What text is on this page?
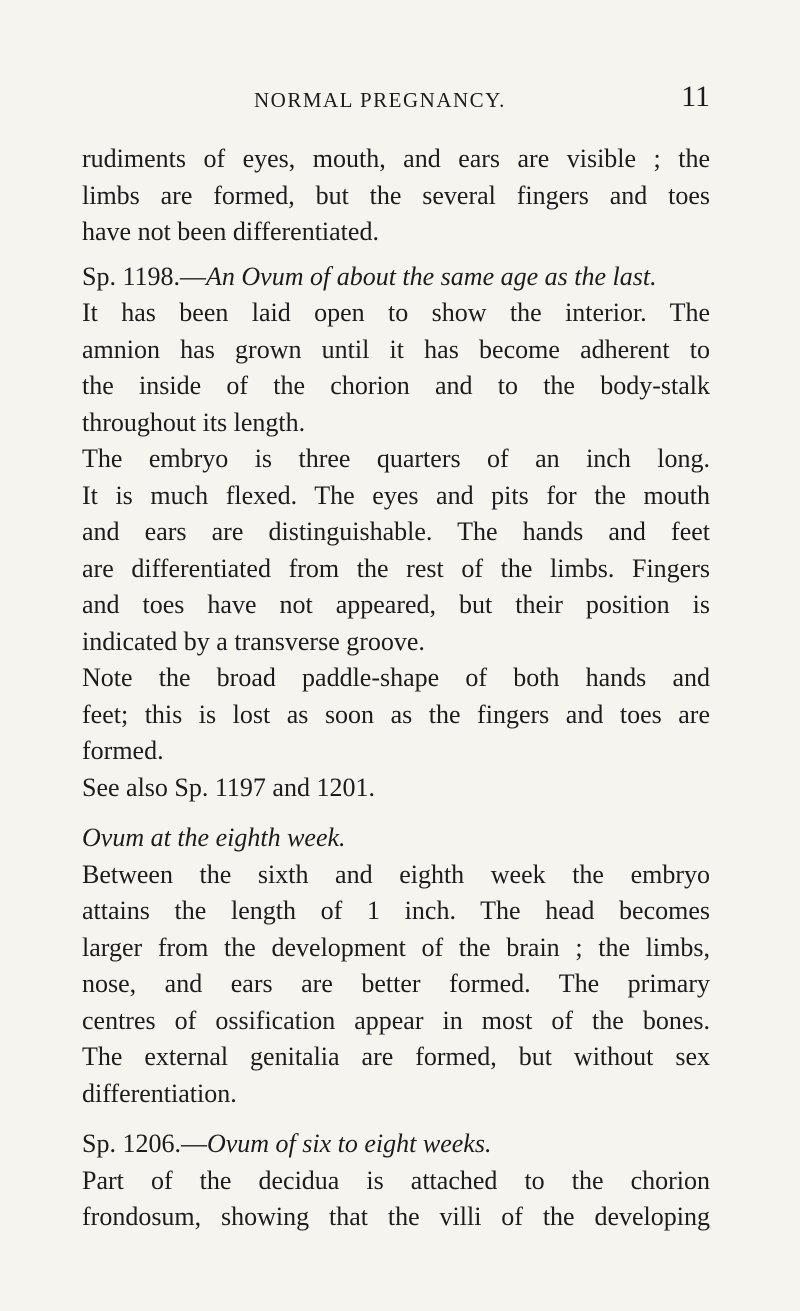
NORMAL PREGNANCY.	11
rudiments of eyes, mouth, and ears are visible ; the
limbs are formed, but the several fingers and toes
have not been differentiated.
Sp. 1198.—An Ovum of about the same age as the last.
It has been laid open to show the interior. The
amnion has grown until it has become adherent to
the inside of the chorion and to the body-stalk
throughout its length.
The embryo is three quarters of an inch long.
It is much flexed. The eyes and pits for the mouth
and ears are distinguishable. The hands and feet
are differentiated from the rest of the limbs. Fingers
and toes have not appeared, but their position is
indicated by a transverse groove.
Note the broad paddle-shape of both hands and
feet; this is lost as soon as the fingers and toes are
formed.
See also Sp. 1197 and 1201.
Ovum at the eighth week.
Between the sixth and eighth week the embryo
attains the length of 1 inch. The head becomes
larger from the development of the brain ; the limbs,
nose, and ears are better formed. The primary
centres of ossification appear in most of the bones.
The external genitalia are formed, but without sex
differentiation.
Sp. 1206.—Ovum of six to eight weeks.
Part of the decidua is attached to the chorion
frondosum, showing that the villi of the developing
